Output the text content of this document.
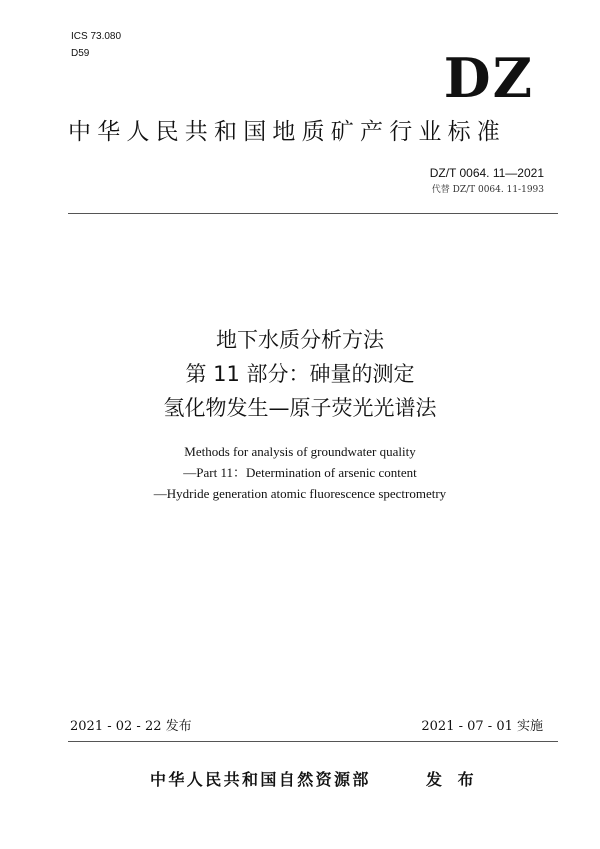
ICS 73.080
D59	DZ
中华人民共和国地质矿产行业标准
DZ/T 0064. 11—2021
代替 DZ/T 0064. 11-1993
地下水质分析方法
第 11 部分：砷量的测定
氢化物发生—原子荧光光谱法
Methods for analysis of groundwater quality
—Part 11：Determination of arsenic content
—Hydride generation atomic fluorescence spectrometry
2021 - 02 - 22 发布	2021 - 07 - 01 实施
中华人民共和国自然资源部	发 布
